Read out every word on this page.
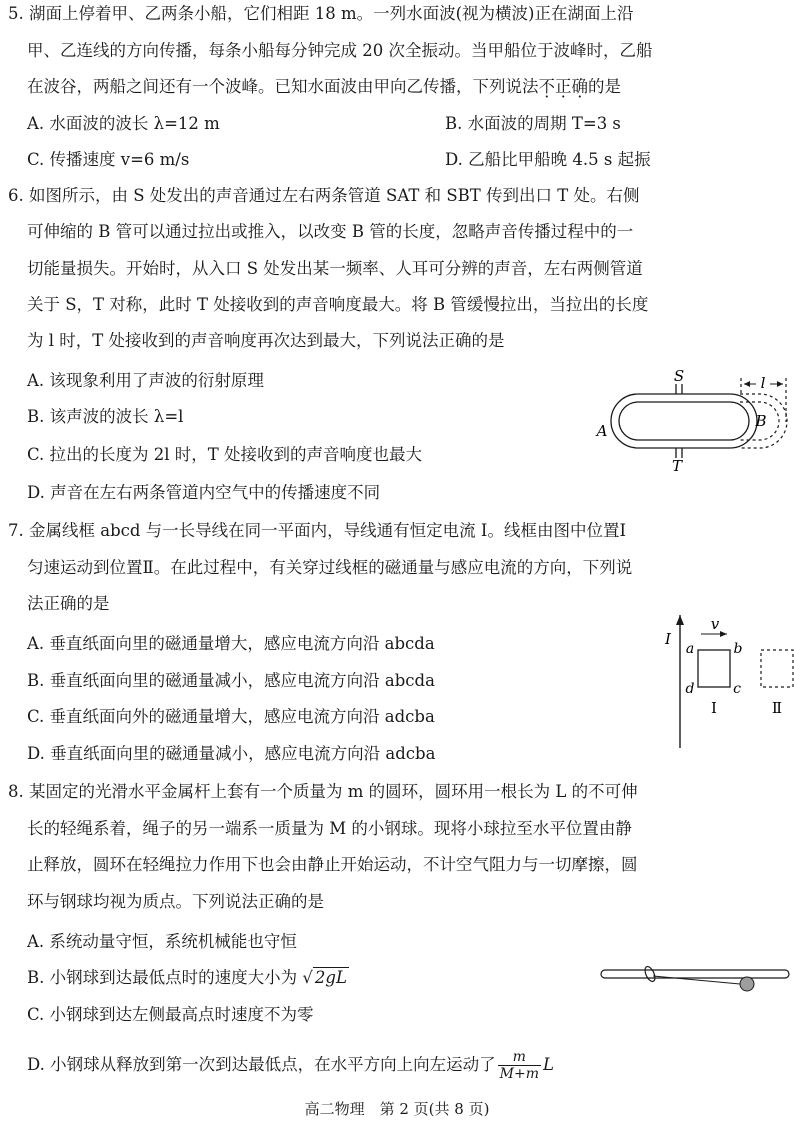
5. 湖面上停着甲、乙两条小船，它们相距 18 m。一列水面波(视为横波)正在湖面上沿
甲、乙连线的方向传播，每条小船每分钟完成 20 次全振动。当甲船位于波峰时，乙船
在波谷，两船之间还有一个波峰。已知水面波由甲向乙传播，下列说法不正确的是
A. 水面波的波长 λ=12 m	B. 水面波的周期 T=3 s
C. 传播速度 v=6 m/s	D. 乙船比甲船晚 4.5 s 起振
6. 如图所示，由 S 处发出的声音通过左右两条管道 SAT 和 SBT 传到出口 T 处。右侧
可伸缩的 B 管可以通过拉出或推入，以改变 B 管的长度，忽略声音传播过程中的一
切能量损失。开始时，从入口 S 处发出某一频率、人耳可分辨的声音，左右两侧管道
关于 S，T 对称，此时 T 处接收到的声音响度最大。将 B 管缓慢拉出，当拉出的长度
为 l 时，T 处接收到的声音响度再次达到最大，下列说法正确的是
A. 该现象利用了声波的衍射原理
B. 该声波的波长 λ=l
C. 拉出的长度为 2l 时，T 处接收到的声音响度也最大
D. 声音在左右两条管道内空气中的传播速度不同
l
S
T
A
B
7. 金属线框 abcd 与一长导线在同一平面内，导线通有恒定电流 I。线框由图中位置Ⅰ
匀速运动到位置Ⅱ。在此过程中，有关穿过线框的磁通量与感应电流的方向，下列说
法正确的是
A. 垂直纸面向里的磁通量增大，感应电流方向沿 abcda
B. 垂直纸面向里的磁通量减小，感应电流方向沿 abcda
C. 垂直纸面向外的磁通量增大，感应电流方向沿 adcba
D. 垂直纸面向里的磁通量减小，感应电流方向沿 adcba
I
v
a	b
c
d
Ⅰ	Ⅱ
8. 某固定的光滑水平金属杆上套有一个质量为 m 的圆环，圆环用一根长为 L 的不可伸
长的轻绳系着，绳子的另一端系一质量为 M 的小钢球。现将小球拉至水平位置由静
止释放，圆环在轻绳拉力作用下也会由静止开始运动，不计空气阻力与一切摩擦，圆
环与钢球均视为质点。下列说法正确的是
A. 系统动量守恒，系统机械能也守恒
B. 小钢球到达最低点时的速度大小为 √ 2gL
C. 小钢球到达左侧最高点时速度不为零
D. 小钢球从释放到第一次到达最低点，在水平方向上向左运动了 $\frac{m}{M+m}$ L
高二物理　第 2 页(共 8 页)
